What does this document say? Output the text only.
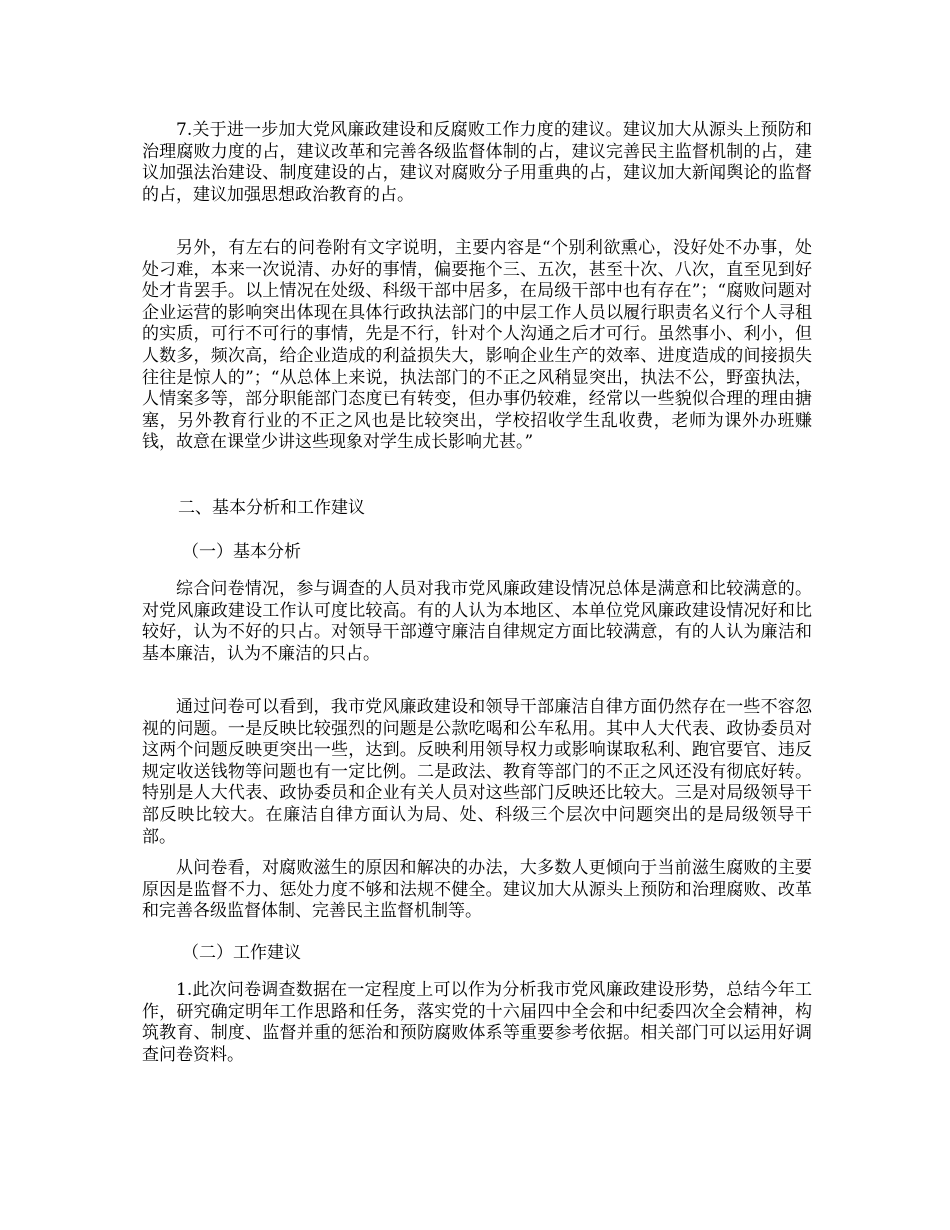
7.关于进一步加大党风廉政建设和反腐败工作力度的建议。建议加大从源头上预防和治理腐败力度的占，建议改革和完善各级监督体制的占，建议完善民主监督机制的占，建议加强法治建设、制度建设的占，建议对腐败分子用重典的占，建议加大新闻舆论的监督的占，建议加强思想政治教育的占。

另外，有左右的问卷附有文字说明，主要内容是“个别利欲熏心，没好处不办事，处处刁难，本来一次说清、办好的事情，偏要拖个三、五次，甚至十次、八次，直至见到好处才肯罢手。以上情况在处级、科级干部中居多，在局级干部中也有存在”；“腐败问题对企业运营的影响突出体现在具体行政执法部门的中层工作人员以履行职责名义行个人寻租的实质，可行不可行的事情，先是不行，针对个人沟通之后才可行。虽然事小、利小，但人数多，频次高，给企业造成的利益损失大，影响企业生产的效率、进度造成的间接损失往往是惊人的”；“从总体上来说，执法部门的不正之风稍显突出，执法不公，野蛮执法，人情案多等，部分职能部门态度已有转变，但办事仍较难，经常以一些貌似合理的理由搪塞，另外教育行业的不正之风也是比较突出，学校招收学生乱收费，老师为课外办班赚钱，故意在课堂少讲这些现象对学生成长影响尤甚。”

二、基本分析和工作建议
（一）基本分析

综合问卷情况，参与调查的人员对我市党风廉政建设情况总体是满意和比较满意的。对党风廉政建设工作认可度比较高。有的人认为本地区、本单位党风廉政建设情况好和比较好，认为不好的只占。对领导干部遵守廉洁自律规定方面比较满意，有的人认为廉洁和基本廉洁，认为不廉洁的只占。

通过问卷可以看到，我市党风廉政建设和领导干部廉洁自律方面仍然存在一些不容忽视的问题。一是反映比较强烈的问题是公款吃喝和公车私用。其中人大代表、政协委员对这两个问题反映更突出一些，达到。反映利用领导权力或影响谋取私利、跑官要官、违反规定收送钱物等问题也有一定比例。二是政法、教育等部门的不正之风还没有彻底好转。特别是人大代表、政协委员和企业有关人员对这些部门反映还比较大。三是对局级领导干部反映比较大。在廉洁自律方面认为局、处、科级三个层次中问题突出的是局级领导干部。

从问卷看，对腐败滋生的原因和解决的办法，大多数人更倾向于当前滋生腐败的主要原因是监督不力、惩处力度不够和法规不健全。建议加大从源头上预防和治理腐败、改革和完善各级监督体制、完善民主监督机制等。

（二）工作建议

1.此次问卷调查数据在一定程度上可以作为分析我市党风廉政建设形势，总结今年工作，研究确定明年工作思路和任务，落实党的十六届四中全会和中纪委四次全会精神，构筑教育、制度、监督并重的惩治和预防腐败体系等重要参考依据。相关部门可以运用好调查问卷资料。
